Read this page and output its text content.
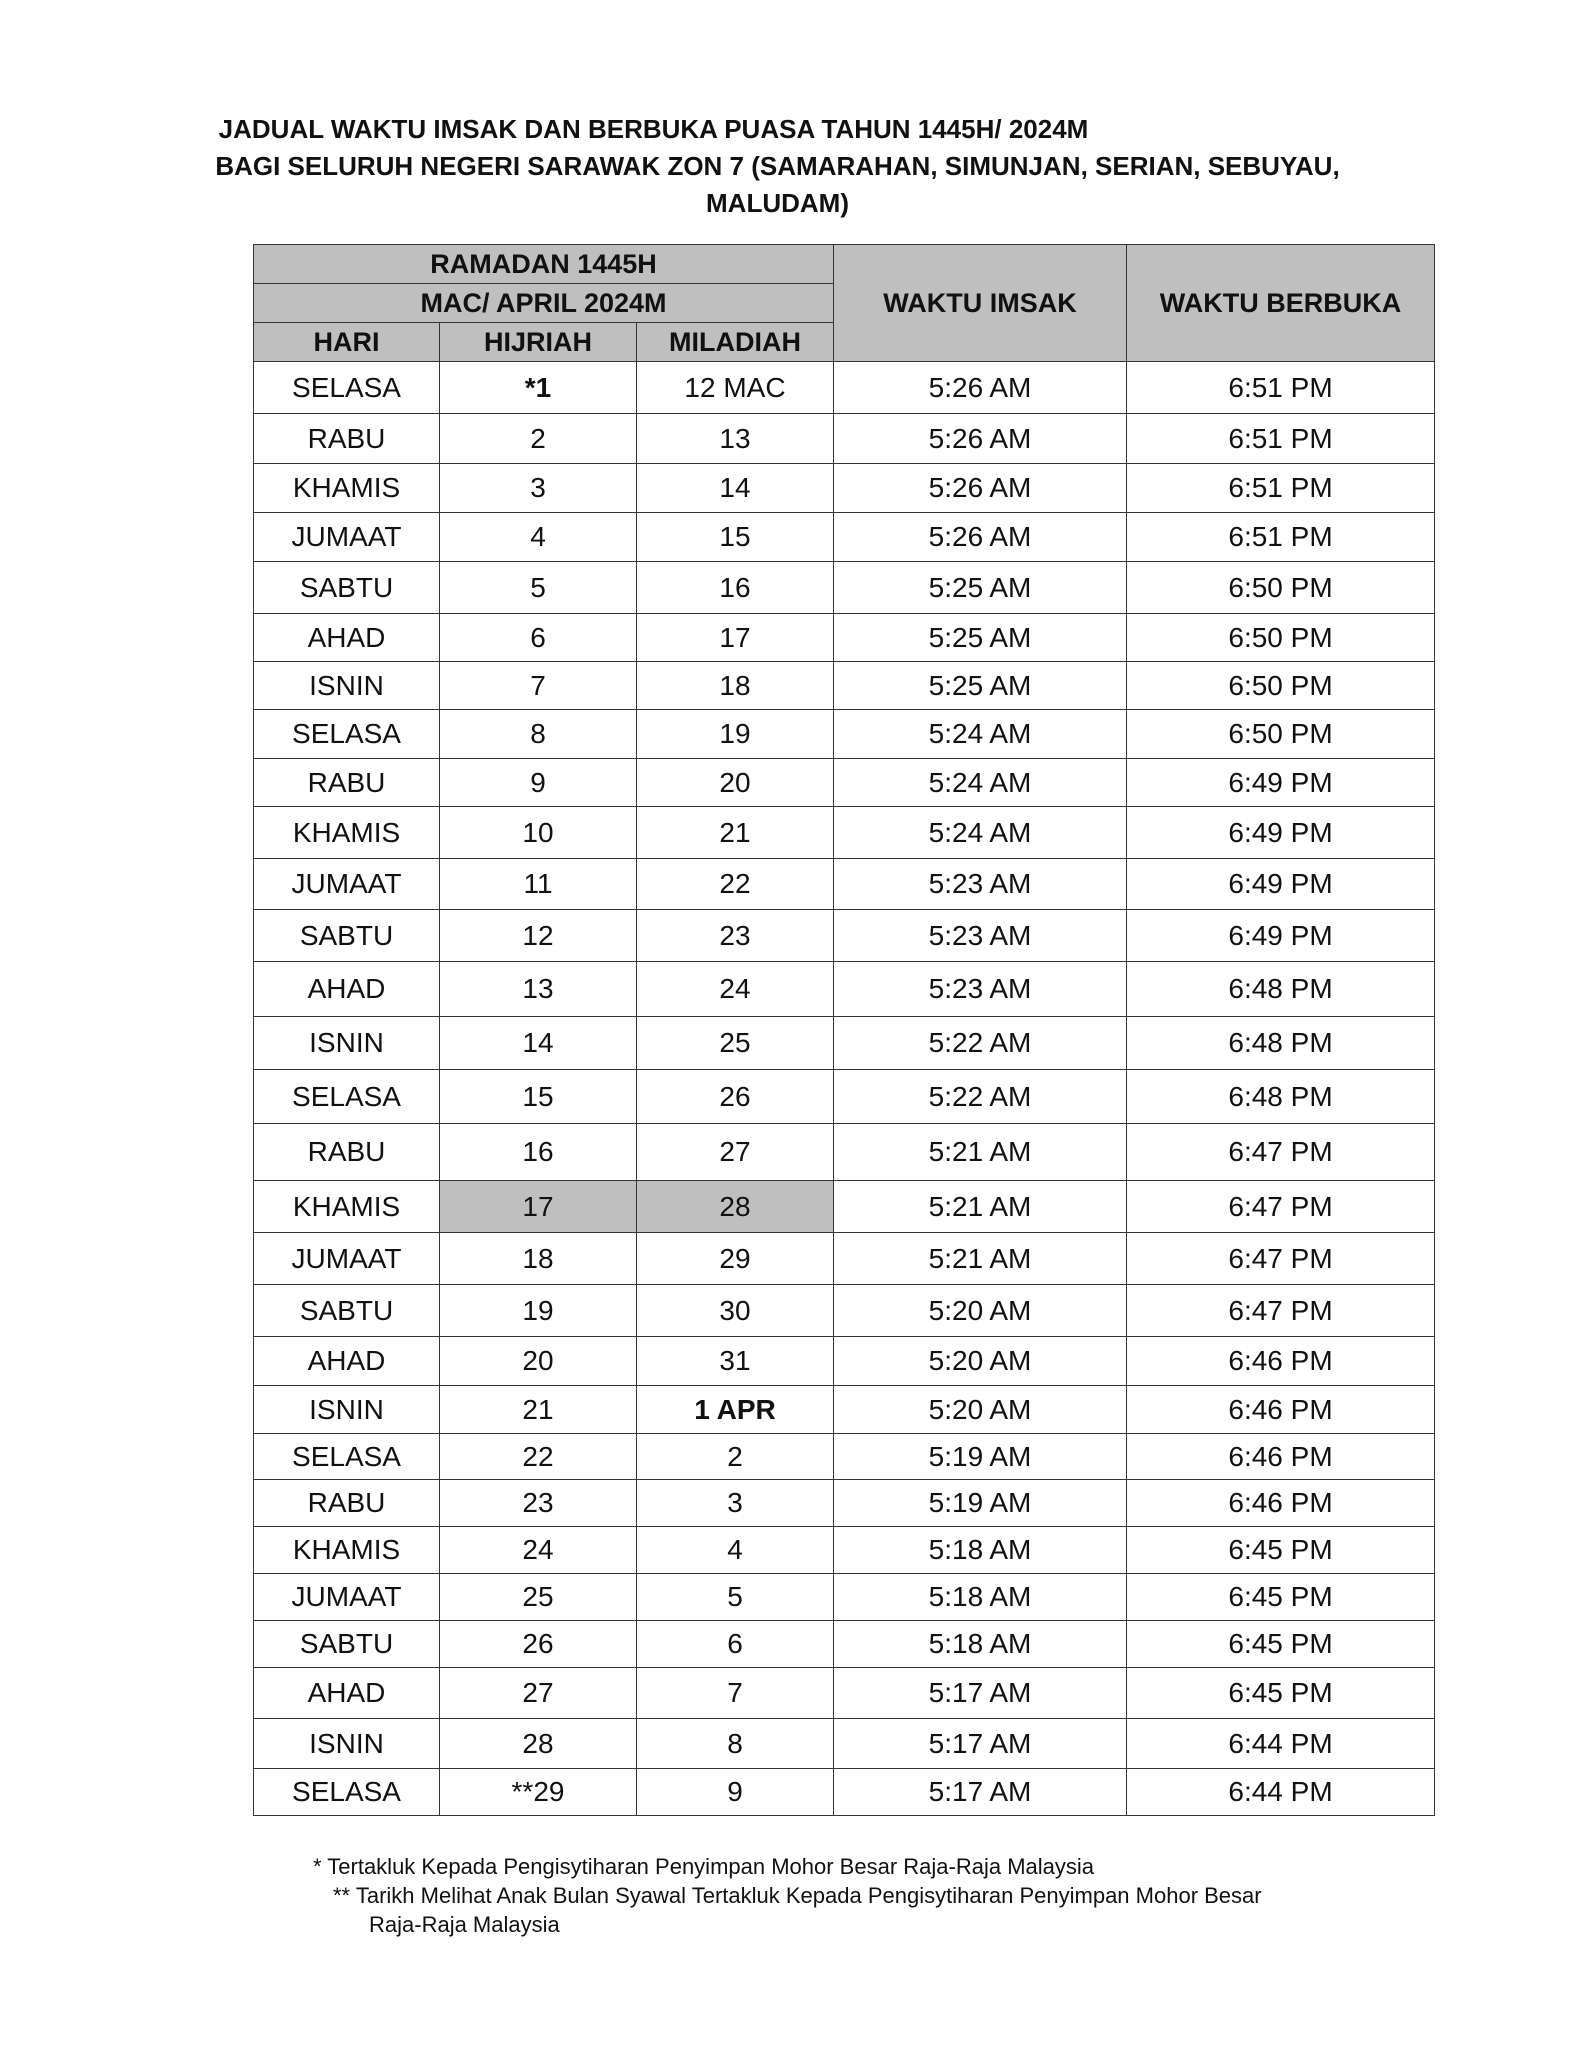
JADUAL WAKTU IMSAK DAN BERBUKA PUASA TAHUN 1445H/ 2024M
BAGI SELURUH NEGERI SARAWAK ZON 7 (SAMARAHAN, SIMUNJAN, SERIAN, SEBUYAU,
MALUDAM)
RAMADAN 1445H			WAKTU IMSAK	WAKTU BERBUKA
MAC/ APRIL 2024M				
HARI	HIJRIAH	MILADIAH		
SELASA	*1	12 MAC	5:26 AM	6:51 PM
RABU	2	13	5:26 AM	6:51 PM
KHAMIS	3	14	5:26 AM	6:51 PM
JUMAAT	4	15	5:26 AM	6:51 PM
SABTU	5	16	5:25 AM	6:50 PM
AHAD	6	17	5:25 AM	6:50 PM
ISNIN	7	18	5:25 AM	6:50 PM
SELASA	8	19	5:24 AM	6:50 PM
RABU	9	20	5:24 AM	6:49 PM
KHAMIS	10	21	5:24 AM	6:49 PM
JUMAAT	11	22	5:23 AM	6:49 PM
SABTU	12	23	5:23 AM	6:49 PM
AHAD	13	24	5:23 AM	6:48 PM
ISNIN	14	25	5:22 AM	6:48 PM
SELASA	15	26	5:22 AM	6:48 PM
RABU	16	27	5:21 AM	6:47 PM
KHAMIS	17	28	5:21 AM	6:47 PM
JUMAAT	18	29	5:21 AM	6:47 PM
SABTU	19	30	5:20 AM	6:47 PM
AHAD	20	31	5:20 AM	6:46 PM
ISNIN	21	1 APR	5:20 AM	6:46 PM
SELASA	22	2	5:19 AM	6:46 PM
RABU	23	3	5:19 AM	6:46 PM
KHAMIS	24	4	5:18 AM	6:45 PM
JUMAAT	25	5	5:18 AM	6:45 PM
SABTU	26	6	5:18 AM	6:45 PM
AHAD	27	7	5:17 AM	6:45 PM
ISNIN	28	8	5:17 AM	6:44 PM
SELASA	**29	9	5:17 AM	6:44 PM
* Tertakluk Kepada Pengisytiharan Penyimpan Mohor Besar Raja-Raja Malaysia
** Tarikh Melihat Anak Bulan Syawal Tertakluk Kepada Pengisytiharan Penyimpan Mohor Besar
Raja-Raja Malaysia
